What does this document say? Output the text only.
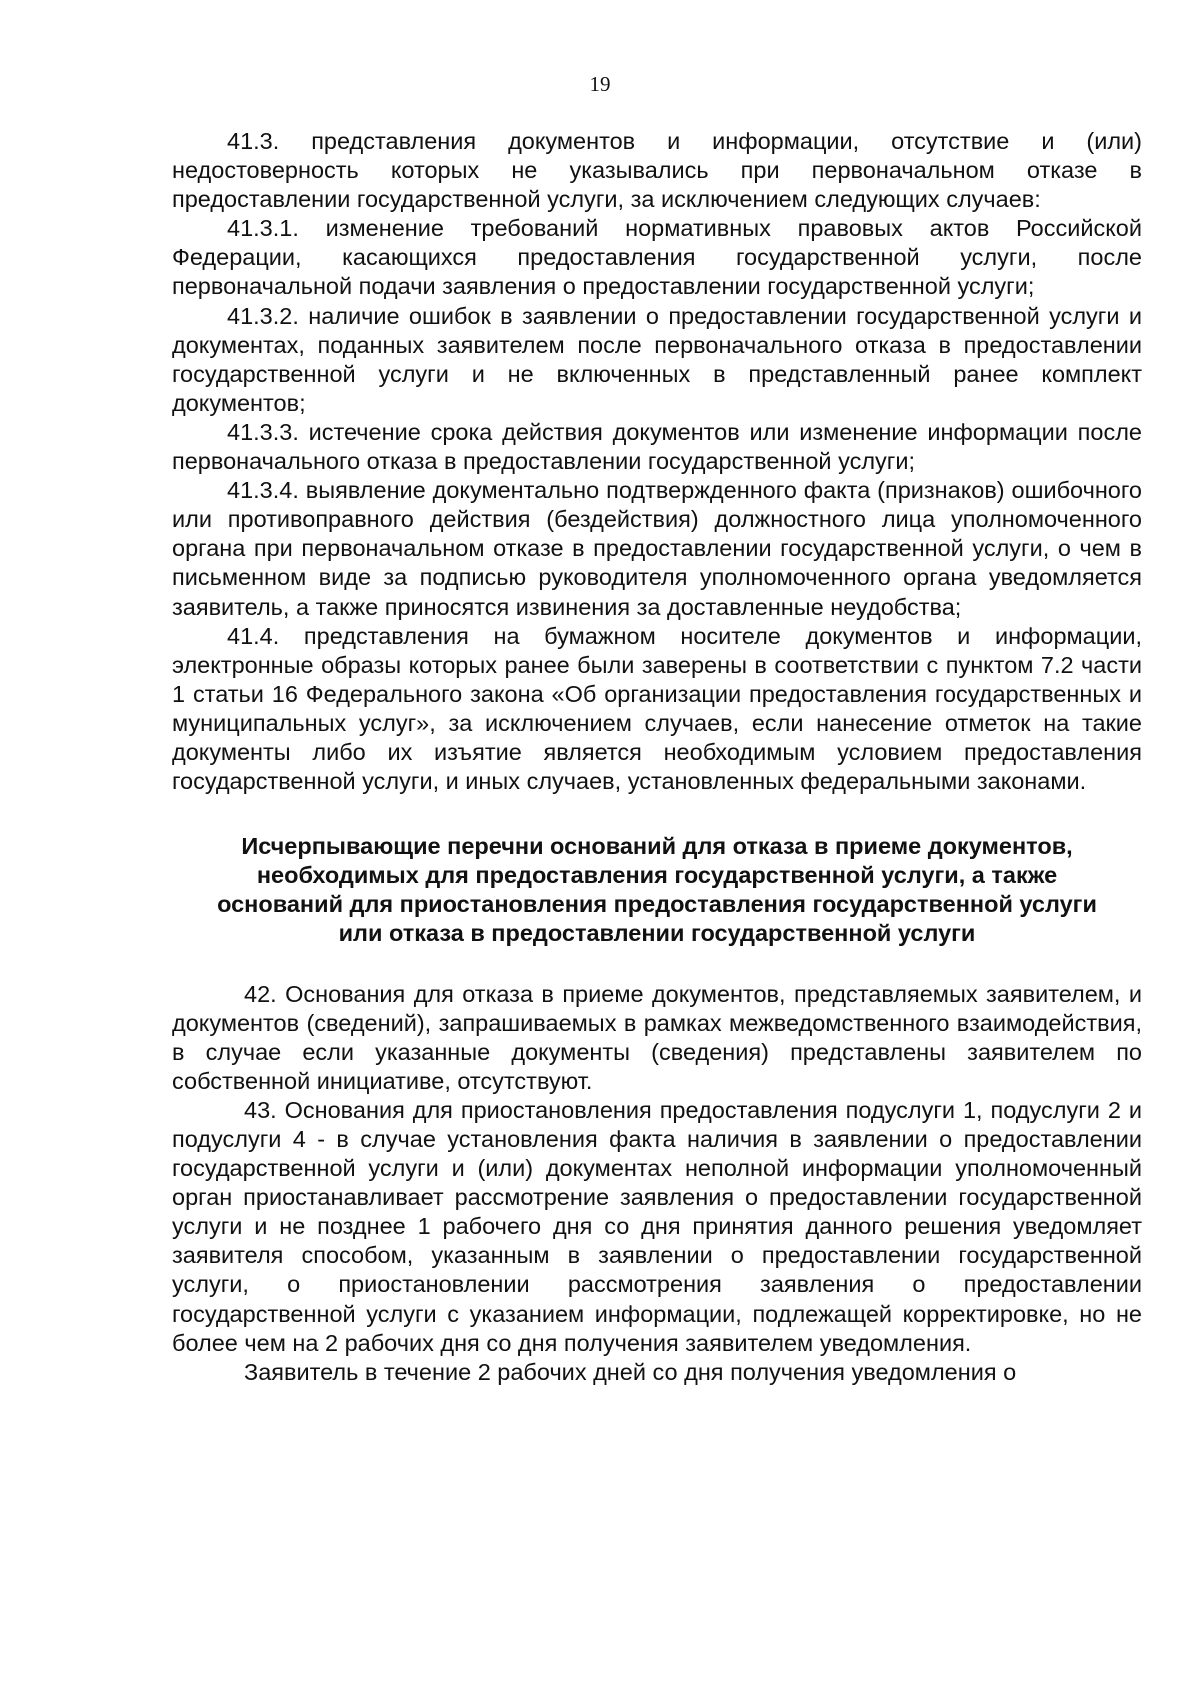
19

41.3. представления документов и информации, отсутствие и (или) недостоверность которых не указывались при первоначальном отказе в предоставлении государственной услуги, за исключением следующих случаев:

41.3.1. изменение требований нормативных правовых актов Российской Федерации, касающихся предоставления государственной услуги, после первоначальной подачи заявления о предоставлении государственной услуги;

41.3.2. наличие ошибок в заявлении о предоставлении государственной услуги и документах, поданных заявителем после первоначального отказа в предоставлении государственной услуги и не включенных в представленный ранее комплект документов;

41.3.3. истечение срока действия документов или изменение информации после первоначального отказа в предоставлении государственной услуги;

41.3.4. выявление документально подтвержденного факта (признаков) ошибочного или противоправного действия (бездействия) должностного лица уполномоченного органа при первоначальном отказе в предоставлении государственной услуги, о чем в письменном виде за подписью руководителя уполномоченного органа уведомляется заявитель, а также приносятся извинения за доставленные неудобства;

41.4. представления на бумажном носителе документов и информации, электронные образы которых ранее были заверены в соответствии с пунктом 7.2 части 1 статьи 16 Федерального закона «Об организации предоставления государственных и муниципальных услуг», за исключением случаев, если нанесение отметок на такие документы либо их изъятие является необходимым условием предоставления государственной услуги, и иных случаев, установленных федеральными законами.

Исчерпывающие перечни оснований для отказа в приеме документов, необходимых для предоставления государственной услуги, а также оснований для приостановления предоставления государственной услуги или отказа в предоставлении государственной услуги

42. Основания для отказа в приеме документов, представляемых заявителем, и документов (сведений), запрашиваемых в рамках межведомственного взаимодействия, в случае если указанные документы (сведения) представлены заявителем по собственной инициативе, отсутствуют.

43. Основания для приостановления предоставления подуслуги 1, подуслуги 2 и подуслуги 4 - в случае установления факта наличия в заявлении о предоставлении государственной услуги и (или) документах неполной информации уполномоченный орган приостанавливает рассмотрение заявления о предоставлении государственной услуги и не позднее 1 рабочего дня со дня принятия данного решения уведомляет заявителя способом, указанным в заявлении о предоставлении государственной услуги, о приостановлении рассмотрения заявления о предоставлении государственной услуги с указанием информации, подлежащей корректировке, но не более чем на 2 рабочих дня со дня получения заявителем уведомления.

Заявитель в течение 2 рабочих дней со дня получения уведомления о
